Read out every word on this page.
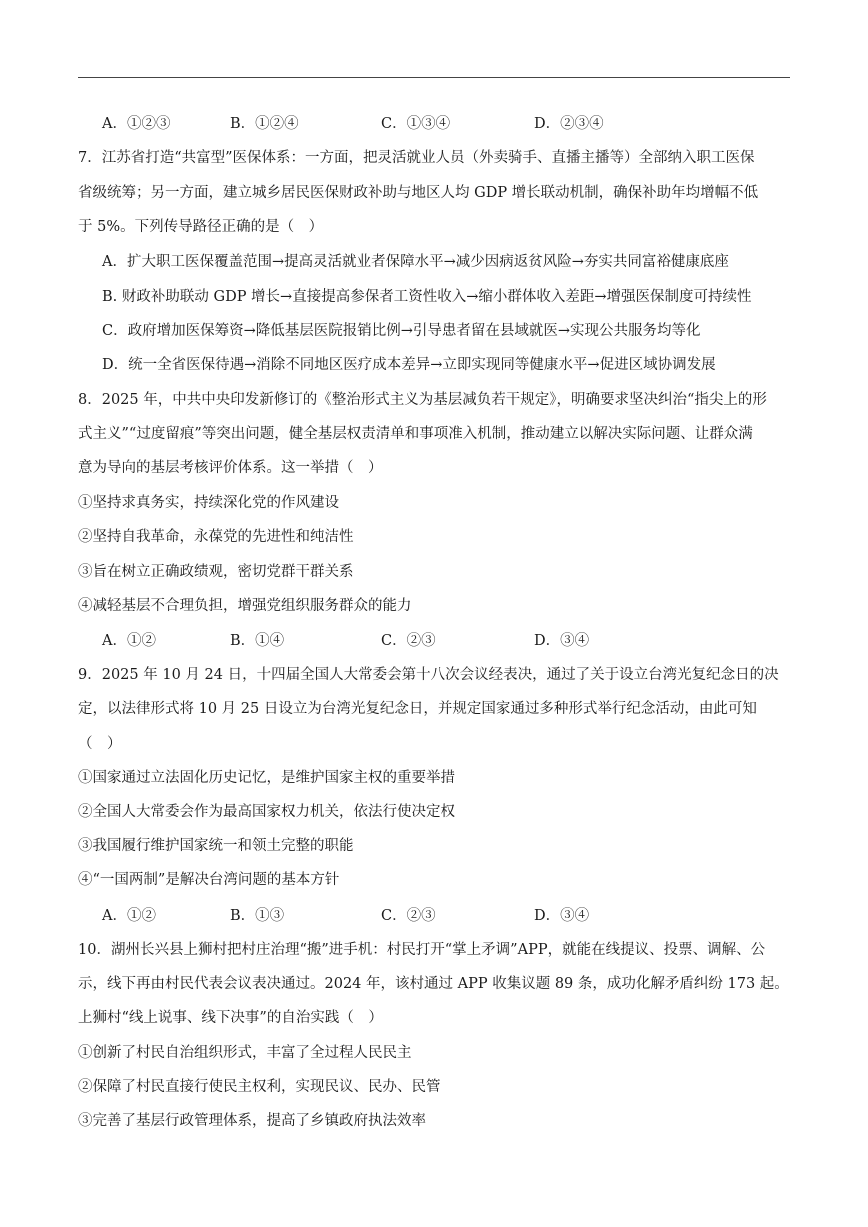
A．①②③	B．①②④	C．①③④	D．②③④
7．江苏省打造“共富型”医保体系：一方面，把灵活就业人员（外卖骑手、直播主播等）全部纳入职工医保
省级统筹；另一方面，建立城乡居民医保财政补助与地区人均 GDP 增长联动机制，确保补助年均增幅不低
于 5%。下列传导路径正确的是（　）
A．扩大职工医保覆盖范围→提高灵活就业者保障水平→减少因病返贫风险→夯实共同富裕健康底座
B. 财政补助联动 GDP 增长→直接提高参保者工资性收入→缩小群体收入差距→增强医保制度可持续性
C．政府增加医保筹资→降低基层医院报销比例→引导患者留在县域就医→实现公共服务均等化
D．统一全省医保待遇→消除不同地区医疗成本差异→立即实现同等健康水平→促进区域协调发展
8．2025 年，中共中央印发新修订的《整治形式主义为基层减负若干规定》，明确要求坚决纠治“指尖上的形
式主义”“过度留痕”等突出问题，健全基层权责清单和事项准入机制，推动建立以解决实际问题、让群众满
意为导向的基层考核评价体系。这一举措（　）
①坚持求真务实，持续深化党的作风建设
②坚持自我革命，永葆党的先进性和纯洁性
③旨在树立正确政绩观，密切党群干群关系
④减轻基层不合理负担，增强党组织服务群众的能力
A．①②	B．①④	C．②③	D．③④
9．2025 年 10 月 24 日，十四届全国人大常委会第十八次会议经表决，通过了关于设立台湾光复纪念日的决
定，以法律形式将 10 月 25 日设立为台湾光复纪念日，并规定国家通过多种形式举行纪念活动，由此可知
（　）
①国家通过立法固化历史记忆，是维护国家主权的重要举措
②全国人大常委会作为最高国家权力机关，依法行使决定权
③我国履行维护国家统一和领土完整的职能
④“一国两制”是解决台湾问题的基本方针
A．①②	B．①③	C．②③	D．③④
10．湖州长兴县上狮村把村庄治理“搬”进手机：村民打开“掌上矛调”APP，就能在线提议、投票、调解、公
示，线下再由村民代表会议表决通过。2024 年，该村通过 APP 收集议题 89 条，成功化解矛盾纠纷 173 起。
上狮村“线上说事、线下决事”的自治实践（　）
①创新了村民自治组织形式，丰富了全过程人民民主
②保障了村民直接行使民主权利，实现民议、民办、民管
③完善了基层行政管理体系，提高了乡镇政府执法效率
